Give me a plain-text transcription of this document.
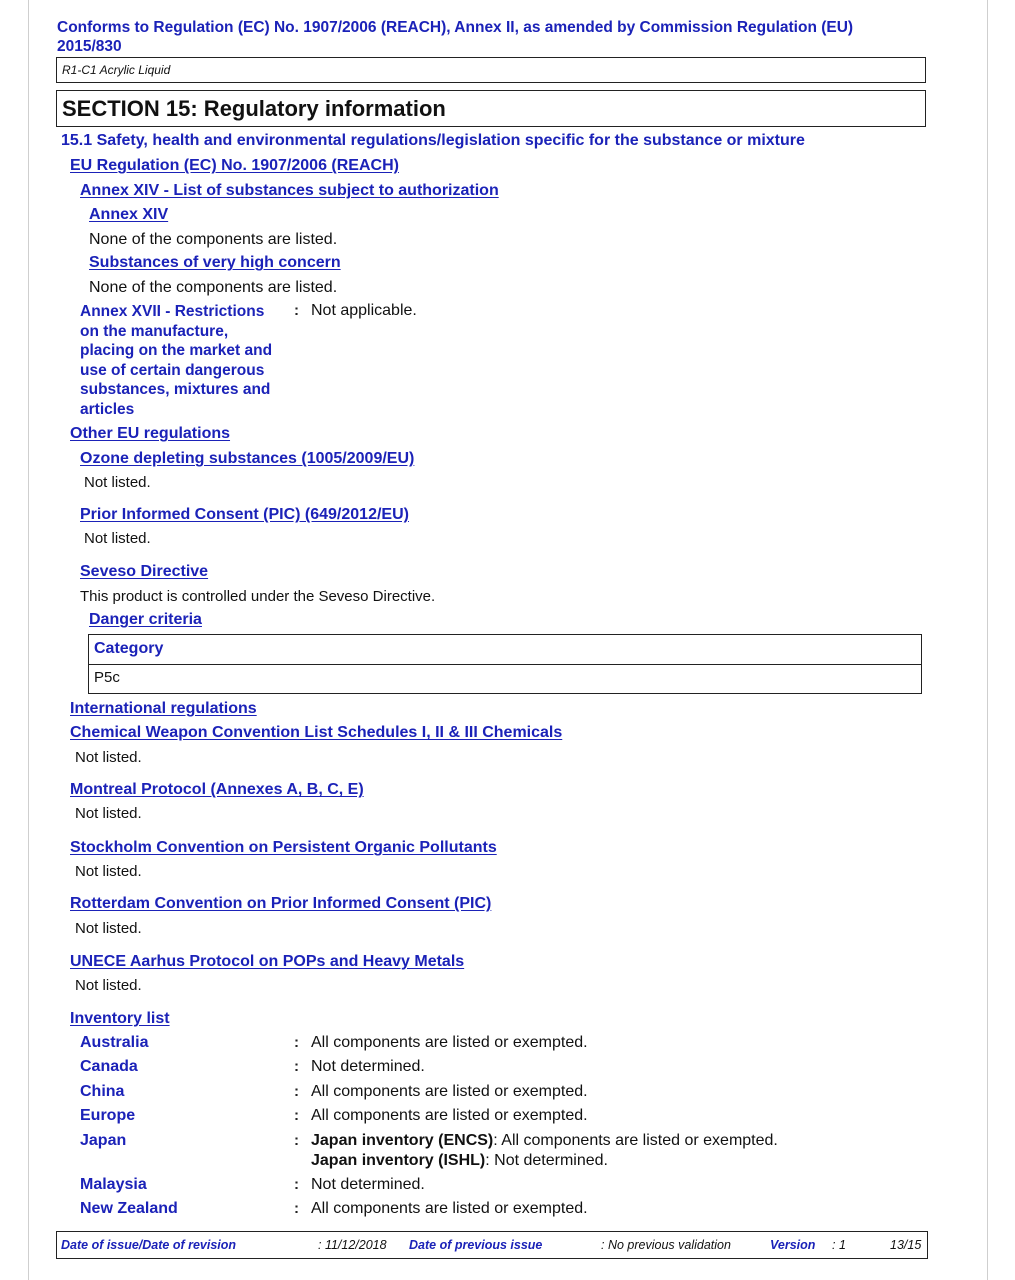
Conforms to Regulation (EC) No. 1907/2006 (REACH), Annex II, as amended by Commission Regulation (EU) 2015/830
R1-C1 Acrylic Liquid
SECTION 15: Regulatory information
15.1 Safety, health and environmental regulations/legislation specific for the substance or mixture
EU Regulation (EC) No. 1907/2006 (REACH)
Annex XIV - List of substances subject to authorization
Annex XIV
None of the components are listed.
Substances of very high concern
None of the components are listed.
Annex XVII - Restrictions on the manufacture, placing on the market and use of certain dangerous substances, mixtures and articles
: Not applicable.
Other EU regulations
Ozone depleting substances (1005/2009/EU)
Not listed.
Prior Informed Consent (PIC) (649/2012/EU)
Not listed.
Seveso Directive
This product is controlled under the Seveso Directive.
Danger criteria
Category
P5c
International regulations
Chemical Weapon Convention List Schedules I, II & III Chemicals
Not listed.
Montreal Protocol (Annexes A, B, C, E)
Not listed.
Stockholm Convention on Persistent Organic Pollutants
Not listed.
Rotterdam Convention on Prior Informed Consent (PIC)
Not listed.
UNECE Aarhus Protocol on POPs and Heavy Metals
Not listed.
Inventory list
Australia	: All components are listed or exempted.
Canada	: Not determined.
China	: All components are listed or exempted.
Europe	: All components are listed or exempted.
Japan	: Japan inventory (ENCS): All components are listed or exempted.
Japan inventory (ISHL): Not determined.
Malaysia	: Not determined.
New Zealand	: All components are listed or exempted.
Date of issue/Date of revision	: 11/12/2018 Date of previous issue	: No previous validation	Version : 1	13/15
